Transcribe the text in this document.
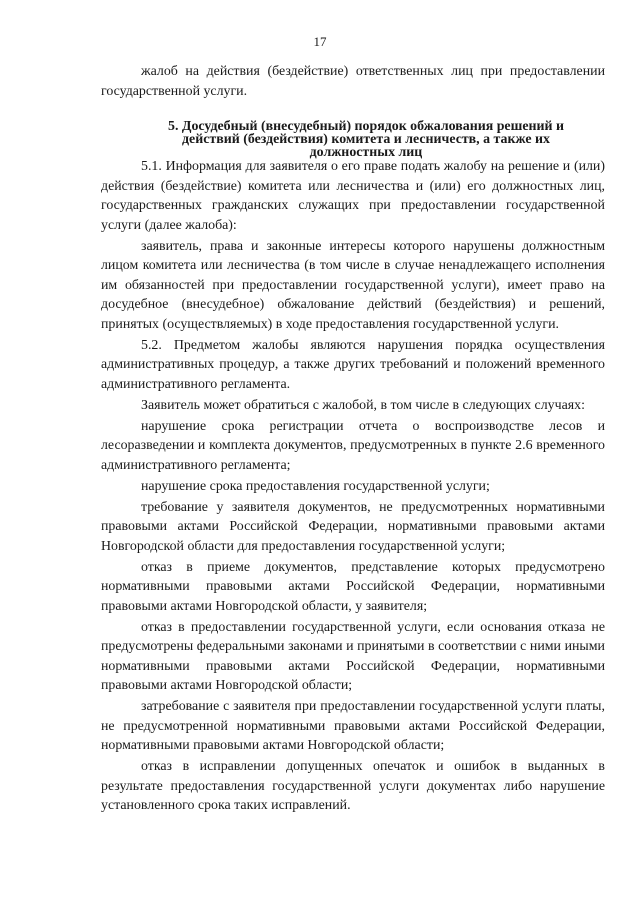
17

жалоб на действия (бездействие) ответственных лиц при предоставлении государственной услуги.

5. Досудебный (внесудебный) порядок обжалования решений и действий (бездействия) комитета и лесничеств, а также их должностных лиц

5.1. Информация для заявителя о его праве подать жалобу на решение и (или) действия (бездействие) комитета или лесничества и (или) его должностных лиц, государственных гражданских служащих при предоставлении государственной услуги (далее жалоба):

заявитель, права и законные интересы которого нарушены должностным лицом комитета или лесничества (в том числе в случае ненадлежащего исполнения им обязанностей при предоставлении государственной услуги), имеет право на досудебное (внесудебное) обжалование действий (бездействия) и решений, принятых (осуществляемых) в ходе предоставления государственной услуги.

5.2. Предметом жалобы являются нарушения порядка осуществления административных процедур, а также других требований и положений временного административного регламента.

Заявитель может обратиться с жалобой, в том числе в следующих случаях:

нарушение срока регистрации отчета о воспроизводстве лесов и лесоразведении и комплекта документов, предусмотренных в пункте 2.6 временного административного регламента;

нарушение срока предоставления государственной услуги;

требование у заявителя документов, не предусмотренных нормативными правовыми актами Российской Федерации, нормативными правовыми актами Новгородской области для предоставления государственной услуги;

отказ в приеме документов, представление которых предусмотрено нормативными правовыми актами Российской Федерации, нормативными правовыми актами Новгородской области, у заявителя;

отказ в предоставлении государственной услуги, если основания отказа не предусмотрены федеральными законами и принятыми в соответствии с ними иными нормативными правовыми актами Российской Федерации, нормативными правовыми актами Новгородской области;

затребование с заявителя при предоставлении государственной услуги платы, не предусмотренной нормативными правовыми актами Российской Федерации, нормативными правовыми актами Новгородской области;

отказ в исправлении допущенных опечаток и ошибок в выданных в результате предоставления государственной услуги документах либо нарушение установленного срока таких исправлений.
